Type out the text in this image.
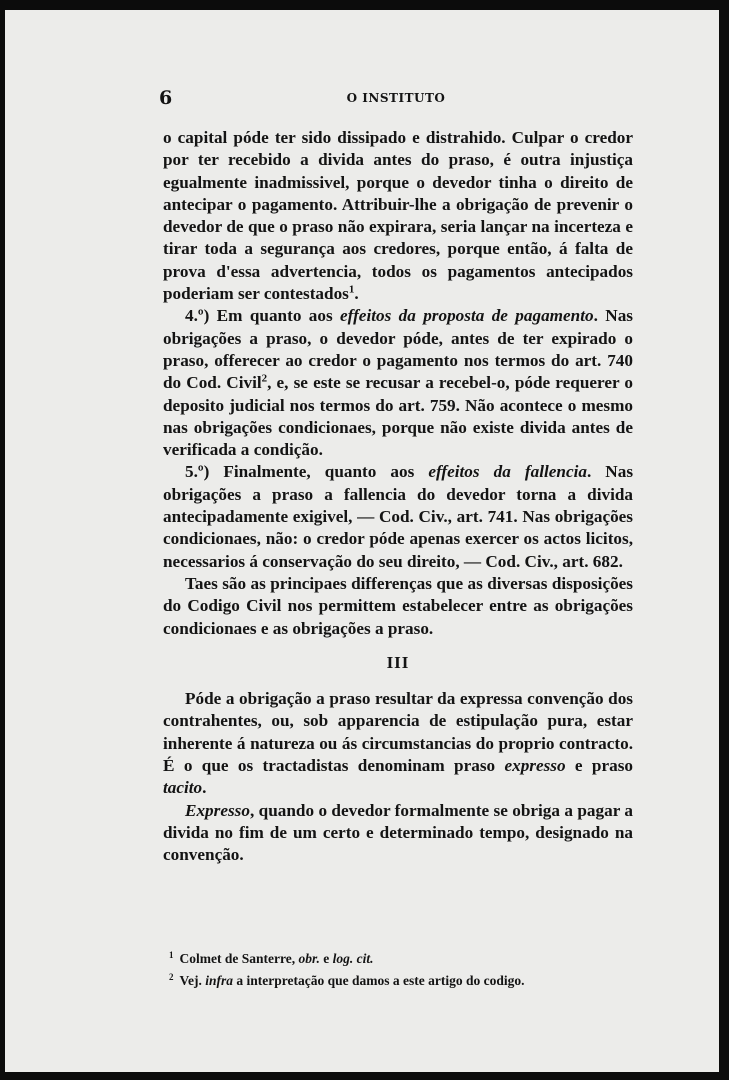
6	O INSTITUTO

o capital póde ter sido dissipado e distrahido. Culpar o credor por ter recebido a divida antes do praso, é outra injustiça egualmente inadmissivel, porque o devedor tinha o direito de antecipar o pagamento. Attribuir-lhe a obrigação de prevenir o devedor de que o praso não expirara, seria lançar na incerteza e tirar toda a segurança aos credores, porque então, á falta de prova d'essa advertencia, todos os pagamentos antecipados poderiam ser contestados$^1$.

4.º) Em quanto aos effeitos da proposta de pagamento. Nas obrigações a praso, o devedor póde, antes de ter expirado o praso, offerecer ao credor o pagamento nos termos do art. 740 do Cod. Civil$^2$, e, se este se recusar a recebel-o, póde requerer o deposito judicial nos termos do art. 759. Não acontece o mesmo nas obrigações condicionaes, porque não existe divida antes de verificada a condição.

5.º) Finalmente, quanto aos effeitos da fallencia. Nas obrigações a praso a fallencia do devedor torna a divida antecipadamente exigivel, — Cod. Civ., art. 741. Nas obrigações condicionaes, não: o credor póde apenas exercer os actos licitos, necessarios á conservação do seu direito, — Cod. Civ., art. 682.

Taes são as principaes differenças que as diversas disposições do Codigo Civil nos permittem estabelecer entre as obrigações condicionaes e as obrigações a praso.

III

Póde a obrigação a praso resultar da expressa convenção dos contrahentes, ou, sob apparencia de estipulação pura, estar inherente á natureza ou ás circumstancias do proprio contracto. É o que os tractadistas denominam praso expresso e praso tacito.

Expresso, quando o devedor formalmente se obriga a pagar a divida no fim de um certo e determinado tempo, designado na convenção.

$^1$ Colmet de Santerre, obr. e log. cit.
$^2$ Vej. infra a interpretação que damos a este artigo do codigo.
